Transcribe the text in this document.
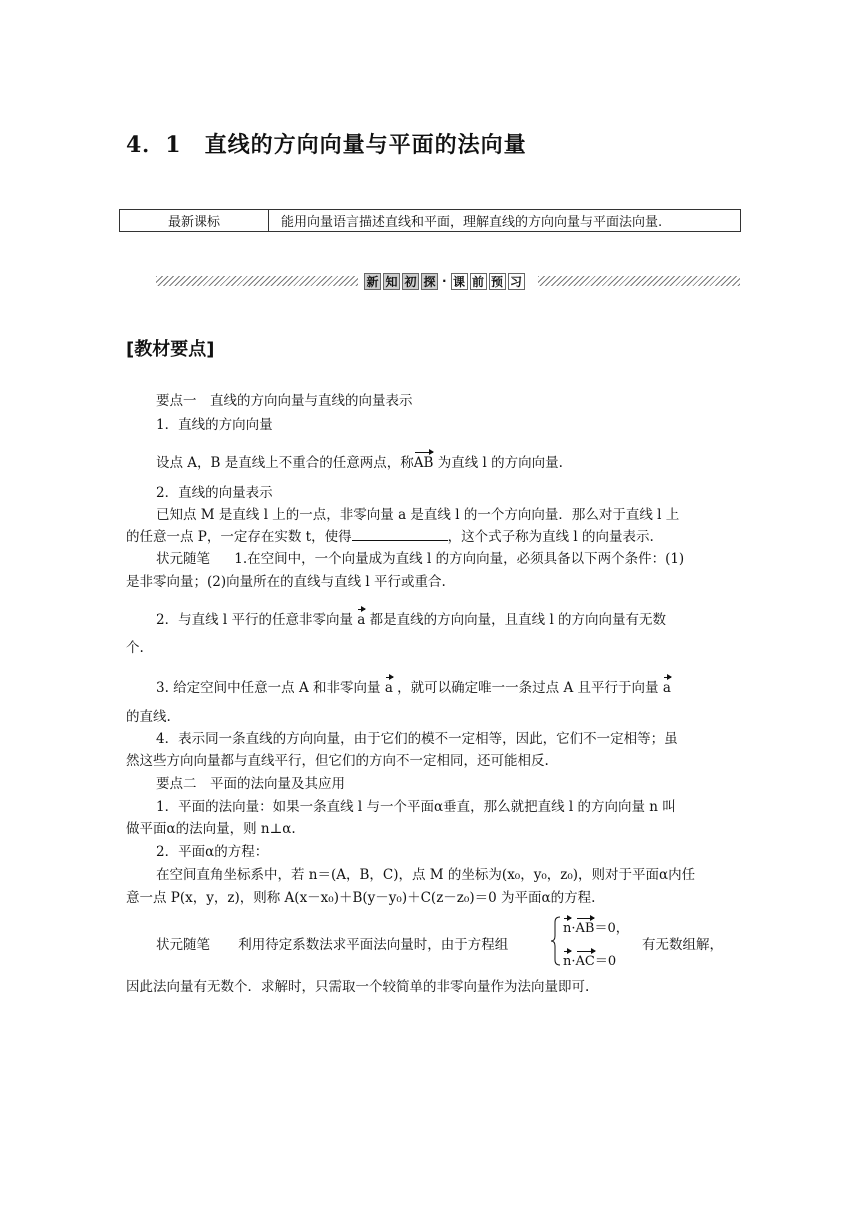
4．1　直线的方向向量与平面的法向量
最新课标	能用向量语言描述直线和平面，理解直线的方向向量与平面法向量.
新 知 初 探 · 课 前 预 习
[教材要点]
要点一　直线的方向向量与直线的向量表示
1．直线的方向向量
设点 A，B 是直线上不重合的任意两点，称AB 为直线 l 的方向向量.
2．直线的向量表示
已知点 M 是直线 l 上的一点，非零向量 a 是直线 l 的一个方向向量．那么对于直线 l 上
的任意一点 P，一定存在实数 t，使得	，这个式子称为直线 l 的向量表示.
状元随笔 1.在空间中，一个向量成为直线 l 的方向向量，必须具备以下两个条件：(1)
是非零向量；(2)向量所在的直线与直线 l 平行或重合.
2．与直线 l 平行的任意非零向量 a 都是直线的方向向量，且直线 l 的方向向量有无数
个.
3. 给定空间中任意一点 A 和非零向量 a ，就可以确定唯一一条过点 A 且平行于向量 a
的直线.
4．表示同一条直线的方向向量，由于它们的模不一定相等，因此，它们不一定相等；虽
然这些方向向量都与直线平行，但它们的方向不一定相同，还可能相反.
要点二　平面的法向量及其应用
1．平面的法向量：如果一条直线 l 与一个平面α垂直，那么就把直线 l 的方向向量 n 叫
做平面α的法向量，则 n⊥α.
2．平面α的方程：
在空间直角坐标系中，若 n＝(A，B，C)，点 M 的坐标为(x₀，y₀，z₀)，则对于平面α内任
意一点 P(x，y，z)，则称 A(x－x₀)＋B(y－y₀)＋C(z－z₀)＝0 为平面α的方程.
状元随笔 利用待定系数法求平面法向量时，由于方程组
n·AB＝0，
n·AC＝0
有无数组解，
因此法向量有无数个．求解时，只需取一个较简单的非零向量作为法向量即可.
